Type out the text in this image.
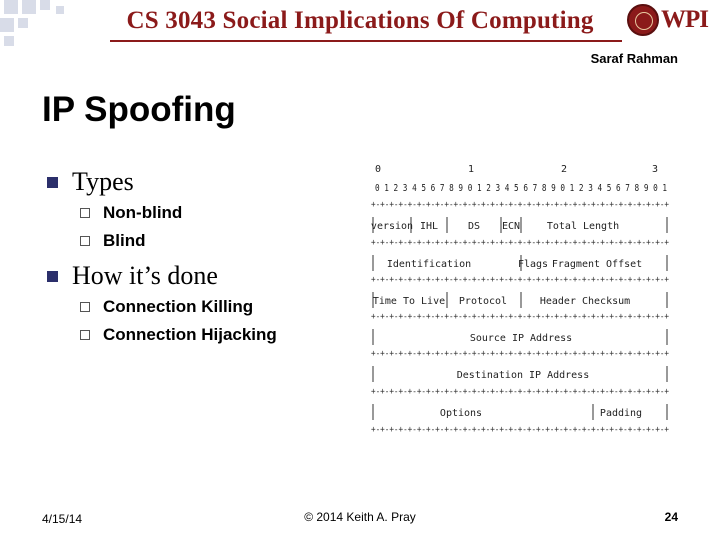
CS 3043 Social Implications Of Computing	WPI
Saraf Rahman
IP Spoofing
Types
Non-blind
Blind
How it’s done
Connection Killing
Connection Hijacking
0	1	2	3
0 1 2 3 4 5 6 7 8 9 0 1 2 3 4 5 6 7 8 9 0 1 2 3 4 5 6 7 8 9 0 1
+-+-+-+-+-+-+-+-+-+-+-+-+-+-+-+-+-+-+-+-+-+-+-+-+-+-+-+-+-+-+-+-+
+-+-+-+-+-+-+-+-+-+-+-+-+-+-+-+-+-+-+-+-+-+-+-+-+-+-+-+-+-+-+-+-+
+-+-+-+-+-+-+-+-+-+-+-+-+-+-+-+-+-+-+-+-+-+-+-+-+-+-+-+-+-+-+-+-+
+-+-+-+-+-+-+-+-+-+-+-+-+-+-+-+-+-+-+-+-+-+-+-+-+-+-+-+-+-+-+-+-+
+-+-+-+-+-+-+-+-+-+-+-+-+-+-+-+-+-+-+-+-+-+-+-+-+-+-+-+-+-+-+-+-+
+-+-+-+-+-+-+-+-+-+-+-+-+-+-+-+-+-+-+-+-+-+-+-+-+-+-+-+-+-+-+-+-+
+-+-+-+-+-+-+-+-+-+-+-+-+-+-+-+-+-+-+-+-+-+-+-+-+-+-+-+-+-+-+-+-+
version IHL	DS ECN	Total Length
Identification	Flags Fragment Offset
Time To Live Protocol	Header Checksum
Source IP Address
Destination IP Address
Options	Padding
4/15/14	© 2014 Keith A. Pray	24
